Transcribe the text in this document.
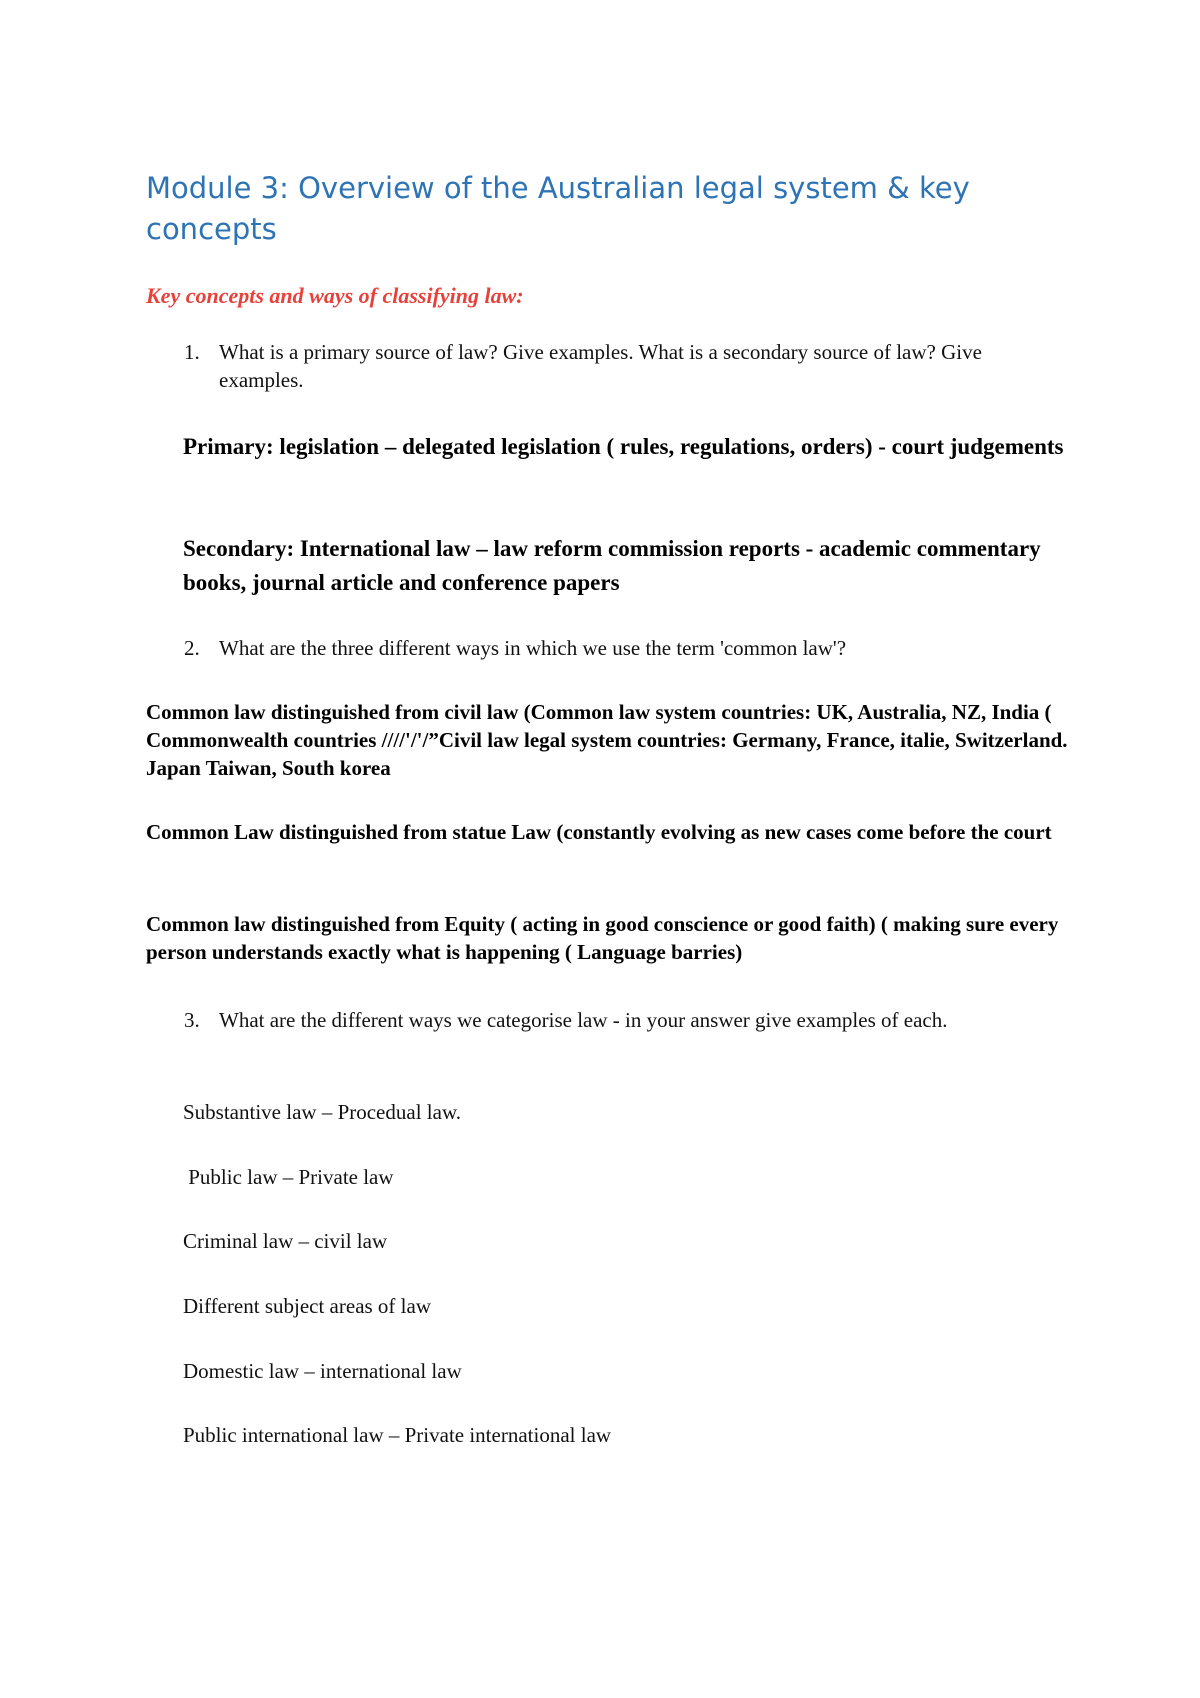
Module 3: Overview of the Australian legal system & key concepts
Key concepts and ways of classifying law:
1. What is a primary source of law? Give examples. What is a secondary source of law? Give examples.
Primary: legislation – delegated legislation ( rules, regulations, orders) - court judgements
Secondary: International law – law reform commission reports - academic commentary books, journal article and conference papers
2. What are the three different ways in which we use the term 'common law'?
Common law distinguished from civil law (Common law system countries: UK, Australia, NZ, India ( Commonwealth countries ////'/'/”Civil law legal system countries: Germany, France, italie, Switzerland. Japan Taiwan, South korea
Common Law distinguished from statue Law (constantly evolving as new cases come before the court
Common law distinguished from Equity ( acting in good conscience or good faith) ( making sure every person understands exactly what is happening ( Language barries)
3. What are the different ways we categorise law - in your answer give examples of each.
Substantive law – Procedual law.
Public law – Private law
Criminal law – civil law
Different subject areas of law
Domestic law – international law
Public international law – Private international law
